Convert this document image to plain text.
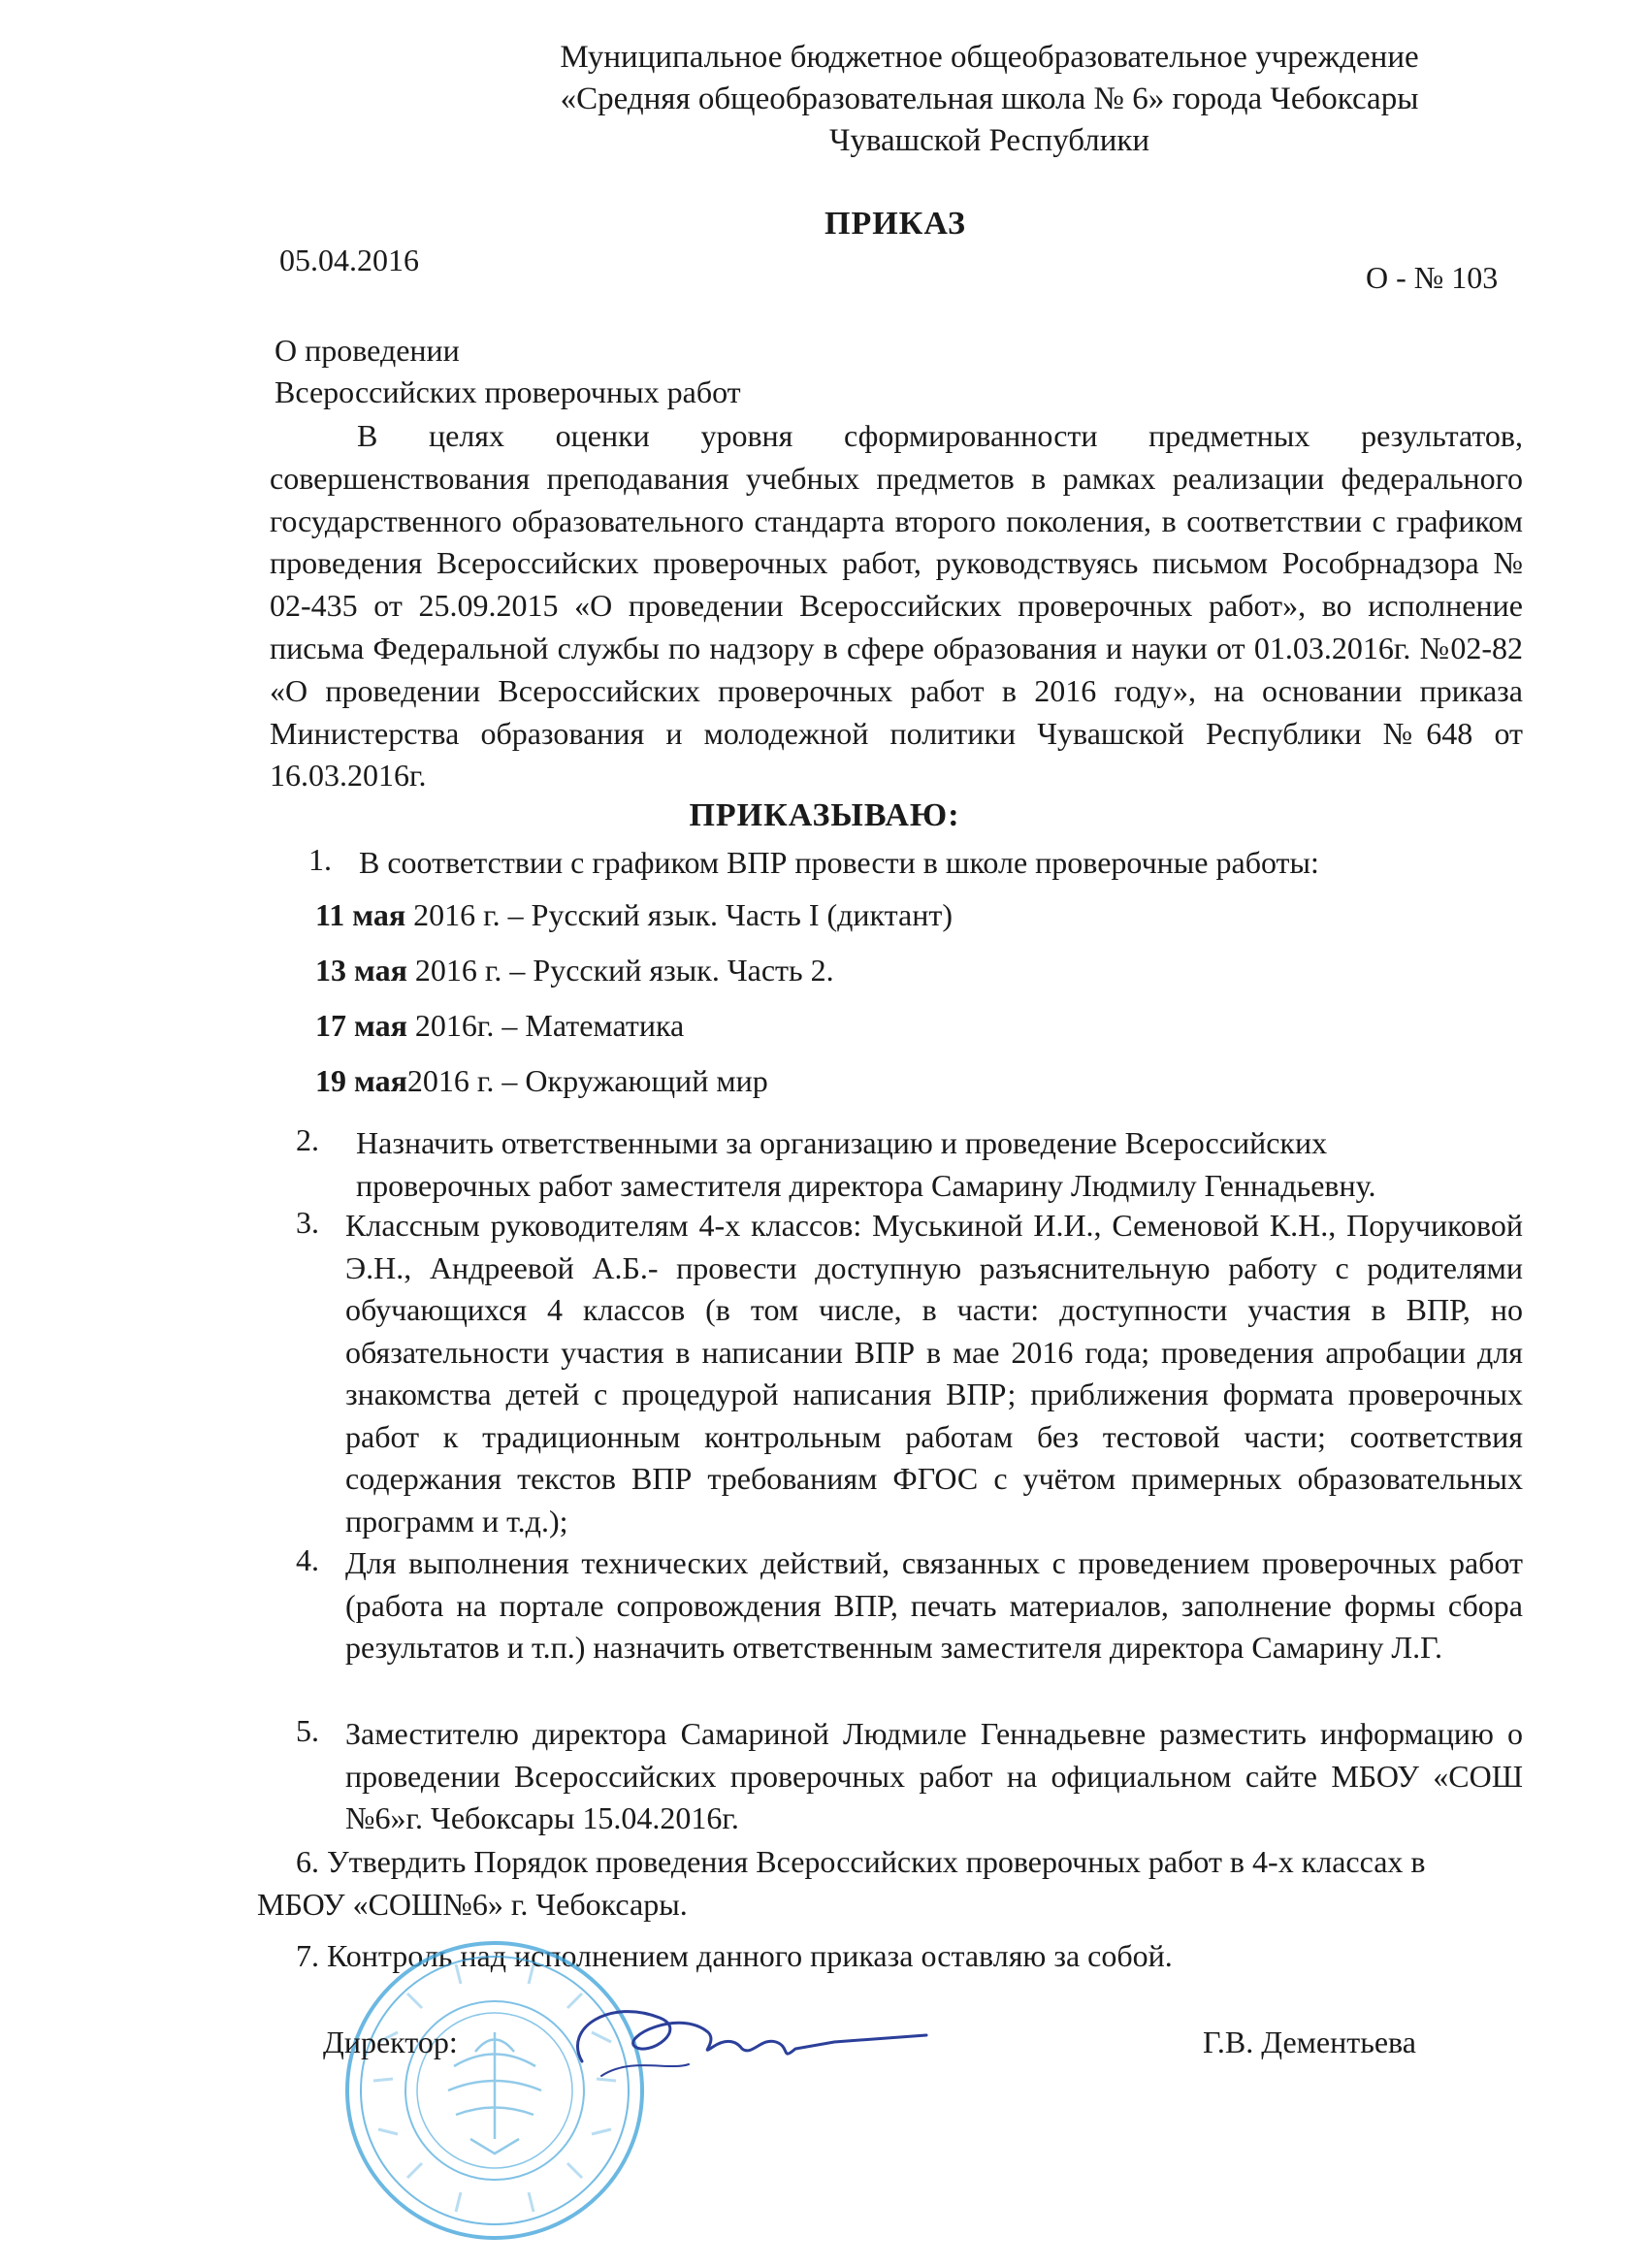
Муниципальное бюджетное общеобразовательное учреждение
«Средняя общеобразовательная школа № 6» города Чебоксары
Чувашской Республики
ПРИКАЗ
05.04.2016	О - № 103
О проведении
Всероссийских проверочных работ
В целях оценки уровня сформированности предметных результатов, совершенствования преподавания учебных предметов в рамках реализации федерального государственного образовательного стандарта второго поколения, в соответствии с графиком проведения Всероссийских проверочных работ, руководствуясь письмом Рособрнадзора № 02-435 от 25.09.2015 «О проведении Всероссийских проверочных работ», во исполнение письма Федеральной службы по надзору в сфере образования и науки от 01.03.2016г. №02-82 «О проведении Всероссийских проверочных работ в 2016 году», на основании приказа Министерства образования и молодежной политики Чувашской Республики №648 от 16.03.2016г.
ПРИКАЗЫВАЮ:
1. В соответствии с графиком ВПР провести в школе проверочные работы:
11 мая 2016 г. – Русский язык. Часть I (диктант)
13 мая 2016 г. – Русский язык. Часть 2.
17 мая 2016г. – Математика
19 мая2016 г. – Окружающий мир
2. Назначить ответственными за организацию и проведение Всероссийских проверочных работ заместителя директора Самарину Людмилу Геннадьевну.
3. Классным руководителям 4-х классов: Муськиной И.И., Семеновой К.Н., Поручиковой Э.Н., Андреевой А.Б.- провести доступную разъяснительную работу с родителями обучающихся 4 классов (в том числе, в части: доступности участия в ВПР, но обязательности участия в написании ВПР в мае 2016 года; проведения апробации для знакомства детей с процедурой написания ВПР; приближения формата проверочных работ к традиционным контрольным работам без тестовой части; соответствия содержания текстов ВПР требованиям ФГОС с учётом примерных образовательных программ и т.д.);
4. Для выполнения технических действий, связанных с проведением проверочных работ (работа на портале сопровождения ВПР, печать материалов, заполнение формы сбора результатов и т.п.) назначить ответственным заместителя директора Самарину Л.Г.
5. Заместителю директора Самариной Людмиле Геннадьевне разместить информацию о проведении Всероссийских проверочных работ на официальном сайте МБОУ «СОШ №6»г. Чебоксары 15.04.2016г.
6. Утвердить Порядок проведения Всероссийских проверочных работ в 4-х классах в МБОУ «СОШ№6» г. Чебоксары.
7. Контроль над исполнением данного приказа оставляю за собой.
Директор:	Г.В. Дементьева
